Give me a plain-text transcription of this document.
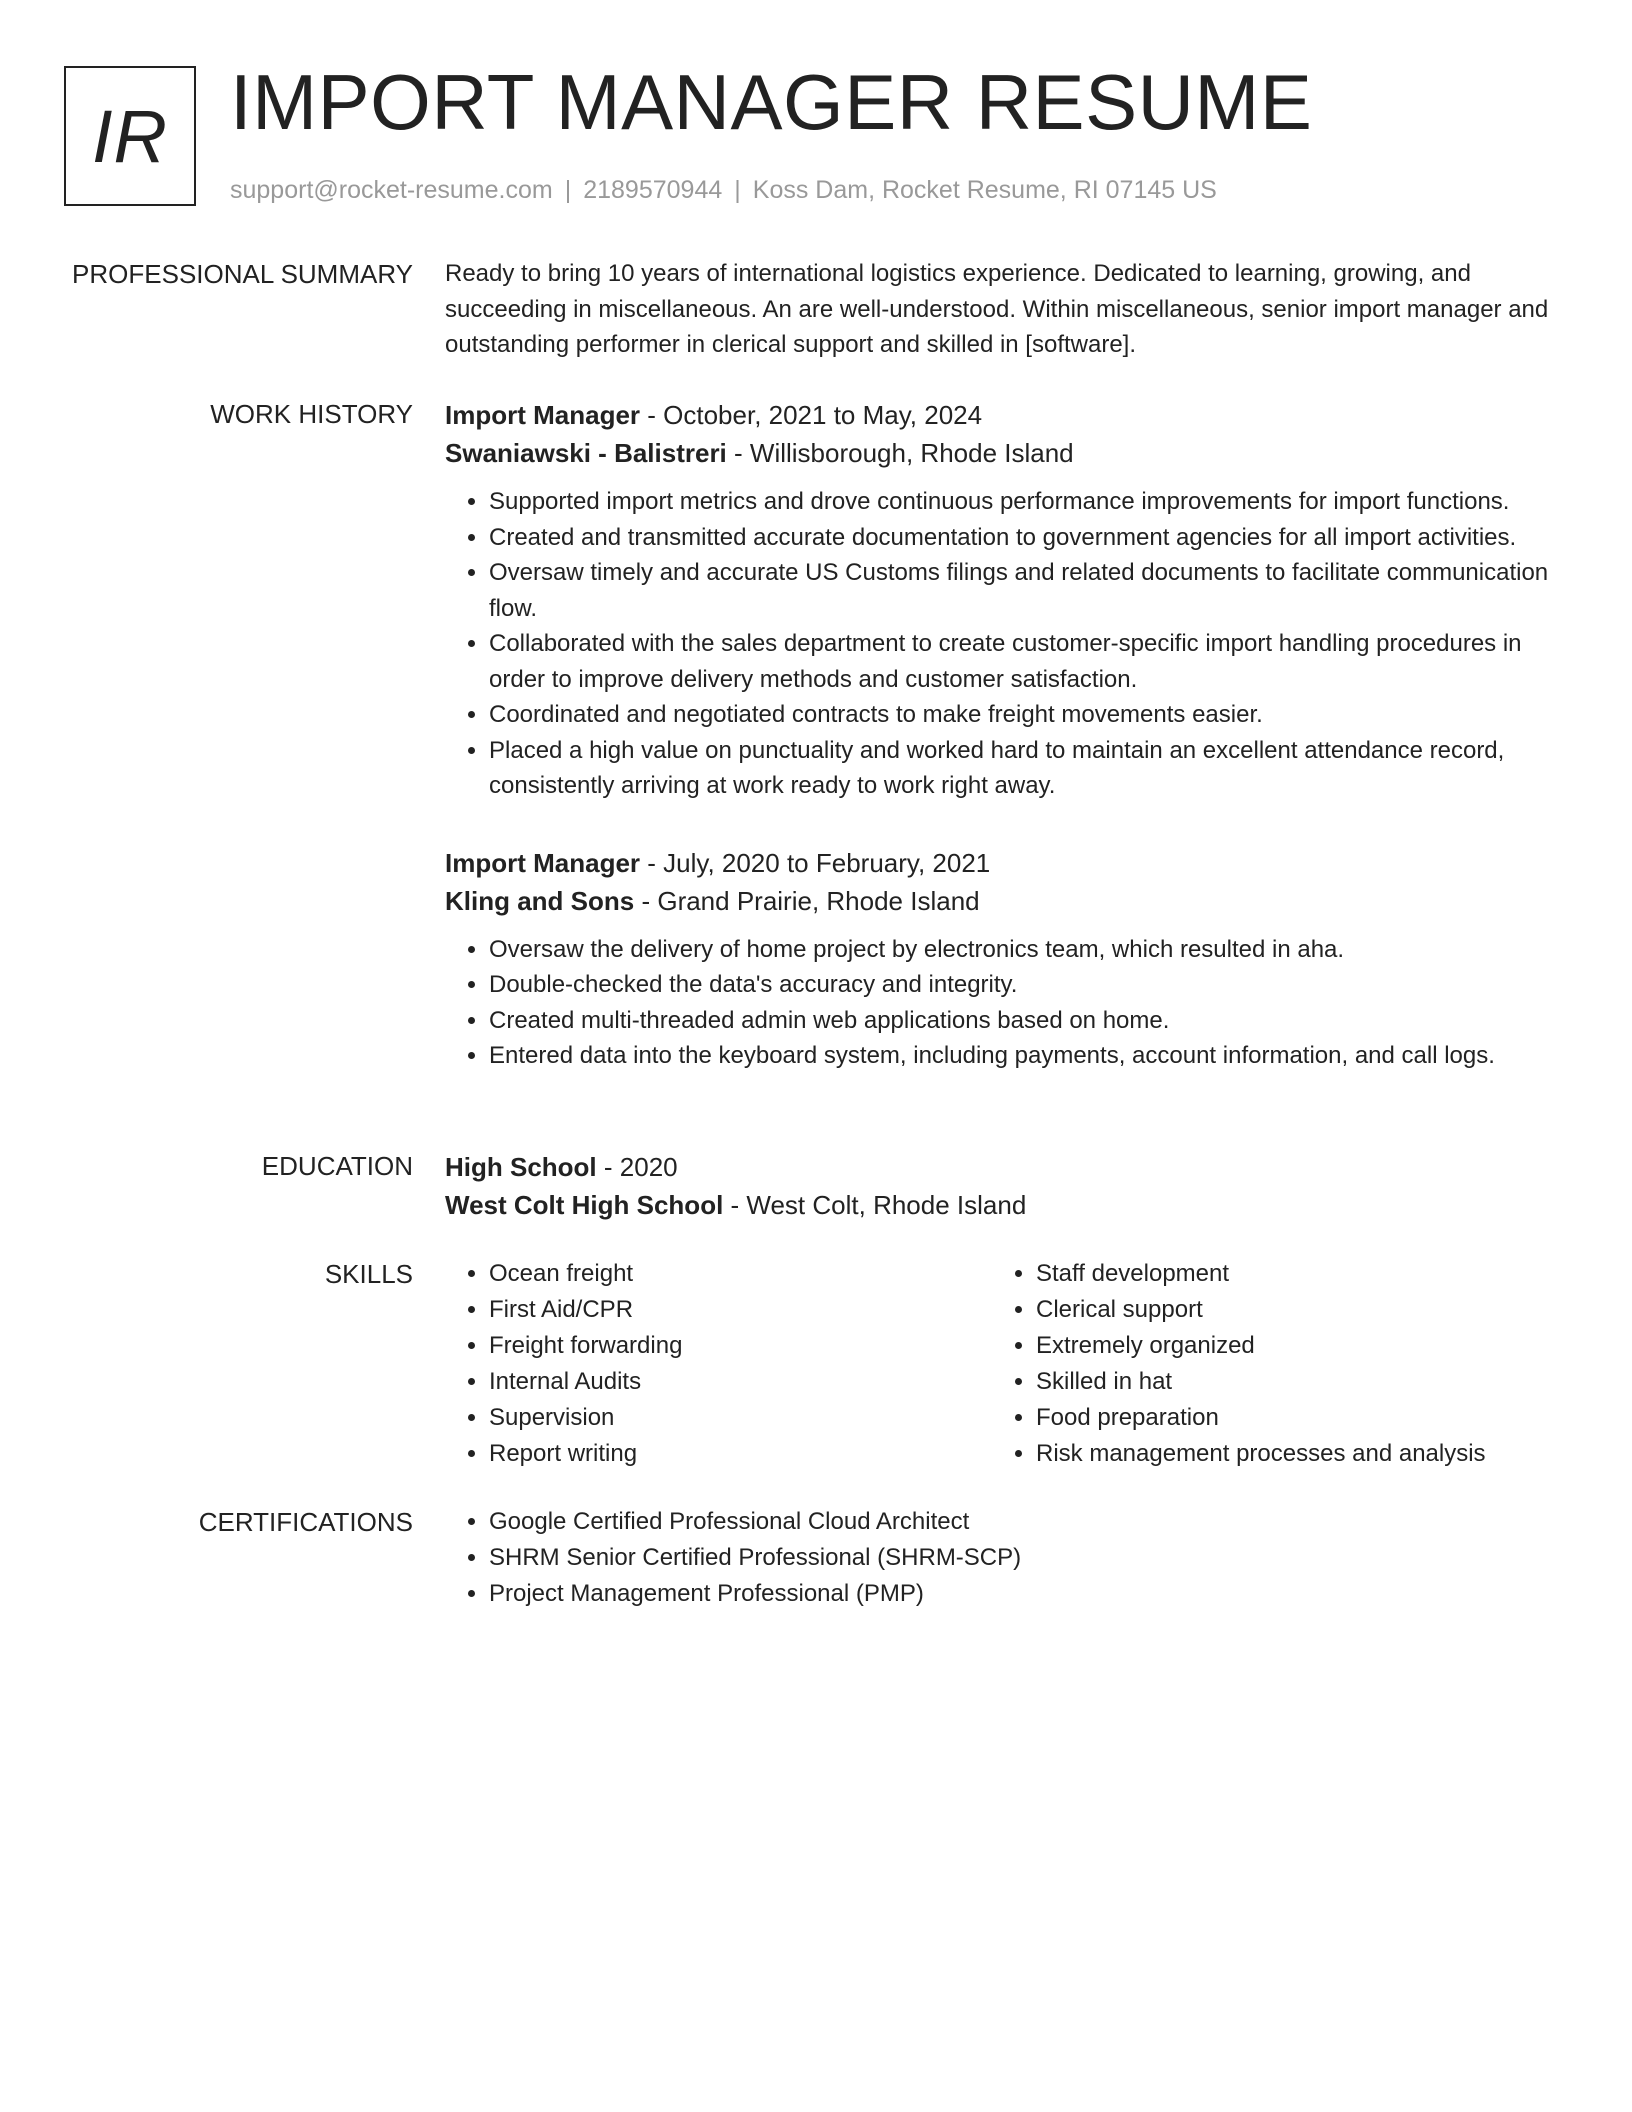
IR IMPORT MANAGER RESUME
support@rocket-resume.com | 2189570944 | Koss Dam, Rocket Resume, RI 07145 US
PROFESSIONAL SUMMARY Ready to bring 10 years of international logistics experience. Dedicated to learning, growing, and succeeding in miscellaneous. An are well-understood. Within miscellaneous, senior import manager and outstanding performer in clerical support and skilled in [software].

WORK HISTORY Import Manager - October, 2021 to May, 2024

Swaniawski - Balistreri - Willisborough, Rhode Island

• Supported import metrics and drove continuous performance improvements for import functions.
• Created and transmitted accurate documentation to government agencies for all import activities.
• Oversaw timely and accurate US Customs filings and related documents to facilitate communication flow.
• Collaborated with the sales department to create customer-specific import handling procedures in order to improve delivery methods and customer satisfaction.
• Coordinated and negotiated contracts to make freight movements easier.
• Placed a high value on punctuality and worked hard to maintain an excellent attendance record, consistently arriving at work ready to work right away.

Import Manager - July, 2020 to February, 2021

Kling and Sons - Grand Prairie, Rhode Island

• Oversaw the delivery of home project by electronics team, which resulted in aha.
• Double-checked the data's accuracy and integrity.
• Created multi-threaded admin web applications based on home.
• Entered data into the keyboard system, including payments, account information, and call logs.
EDUCATION High School - 2020

West Colt High School - West Colt, Rhode Island

SKILLS	• Ocean freight
• First Aid/CPR
• Freight forwarding
• Internal Audits
• Supervision
• Report writing
• Staff development
• Clerical support
• Extremely organized
• Skilled in hat
• Food preparation
• Risk management processes and analysis
CERTIFICATIONS	• Google Certified Professional Cloud Architect
• SHRM Senior Certified Professional (SHRM-SCP)
• Project Management Professional (PMP)
